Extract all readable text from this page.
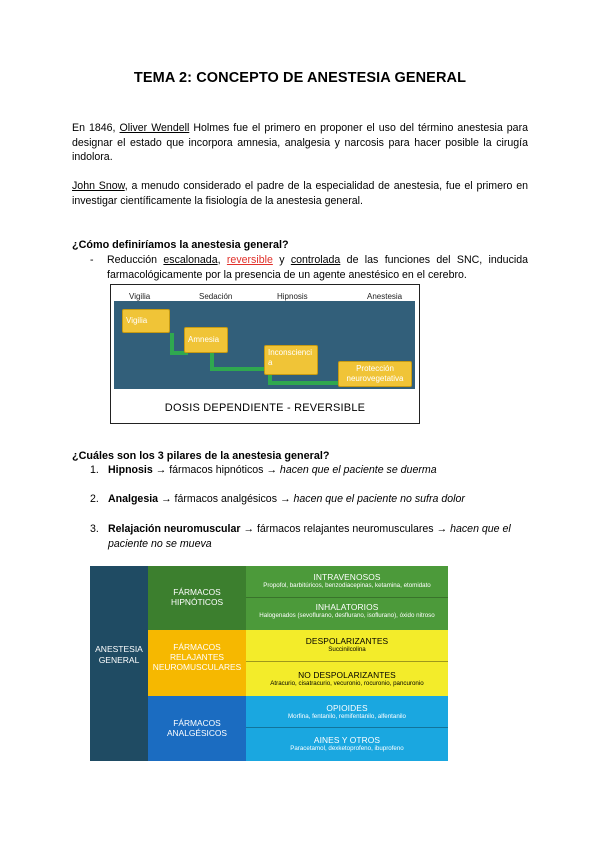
TEMA 2: CONCEPTO DE ANESTESIA GENERAL
En 1846, Oliver Wendell Holmes fue el primero en proponer el uso del término anestesia para designar el estado que incorpora amnesia, analgesia y narcosis para hacer posible la cirugía indolora.
John Snow, a menudo considerado el padre de la especialidad de anestesia, fue el primero en investigar científicamente la fisiología de la anestesia general.
¿Cómo definiríamos la anestesia general?
- Reducción escalonada, reversible y controlada de las funciones del SNC, inducida farmacológicamente por la presencia de un agente anestésico en el cerebro.
Vigilia	Sedación	Hipnosis	Anestesia
Vigilia
Amnesia
Inconsciencia
Protección neurovegetativa
DOSIS DEPENDIENTE - REVERSIBLE
¿Cuáles son los 3 pilares de la anestesia general?
1. Hipnosis → fármacos hipnóticos → hacen que el paciente se duerma
2. Analgesia → fármacos analgésicos → hacen que el paciente no sufra dolor
3. Relajación neuromuscular → fármacos relajantes neuromusculares → hacen que el paciente no se mueva
ANESTESIA GENERAL
FÁRMACOS HIPNÓTICOS
FÁRMACOS RELAJANTES NEUROMUSCULARES
FÁRMACOS ANALGÉSICOS
INTRAVENOSOS
Propofol, barbitúricos, benzodiacepinas, ketamina, etomidato
INHALATORIOS
Halogenados (sevoflurano, desflurano, isoflurano), óxido nitroso
DESPOLARIZANTES
Succinilcolina
NO DESPOLARIZANTES
Atracurio, cisatracurio, vecuronio, rocuronio, pancuronio
OPIOIDES
Morfina, fentanilo, remifentanilo, alfentanilo
AINES Y OTROS
Paracetamol, dexketoprofeno, ibuprofeno
